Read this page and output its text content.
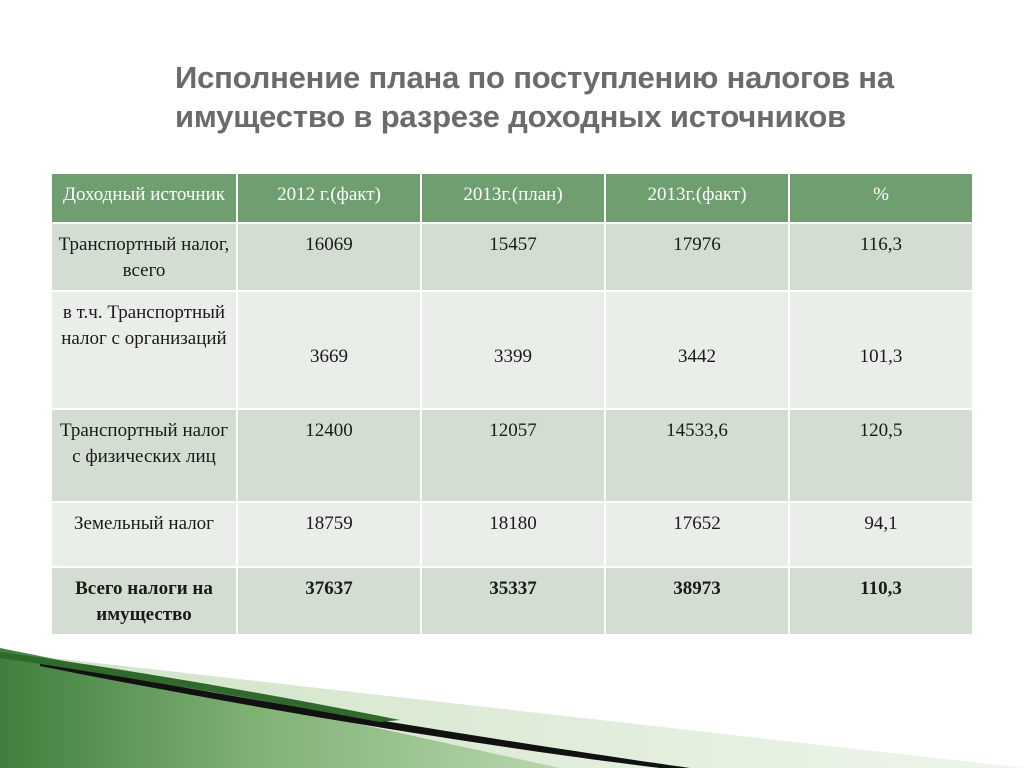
Исполнение плана по поступлению налогов на
имущество в разрезе доходных источников
Доходный источник	2012 г.(факт)	2013г.(план)	2013г.(факт)	%
Транспортный налог, всего	16069	15457	17976	116,3
в т.ч. Транспортный налог с организаций	3669	3399	3442	101,3
Транспортный налог с физических лиц	12400	12057	14533,6	120,5
Земельный налог	18759	18180	17652	94,1
Всего налоги на имущество	37637	35337	38973	110,3
